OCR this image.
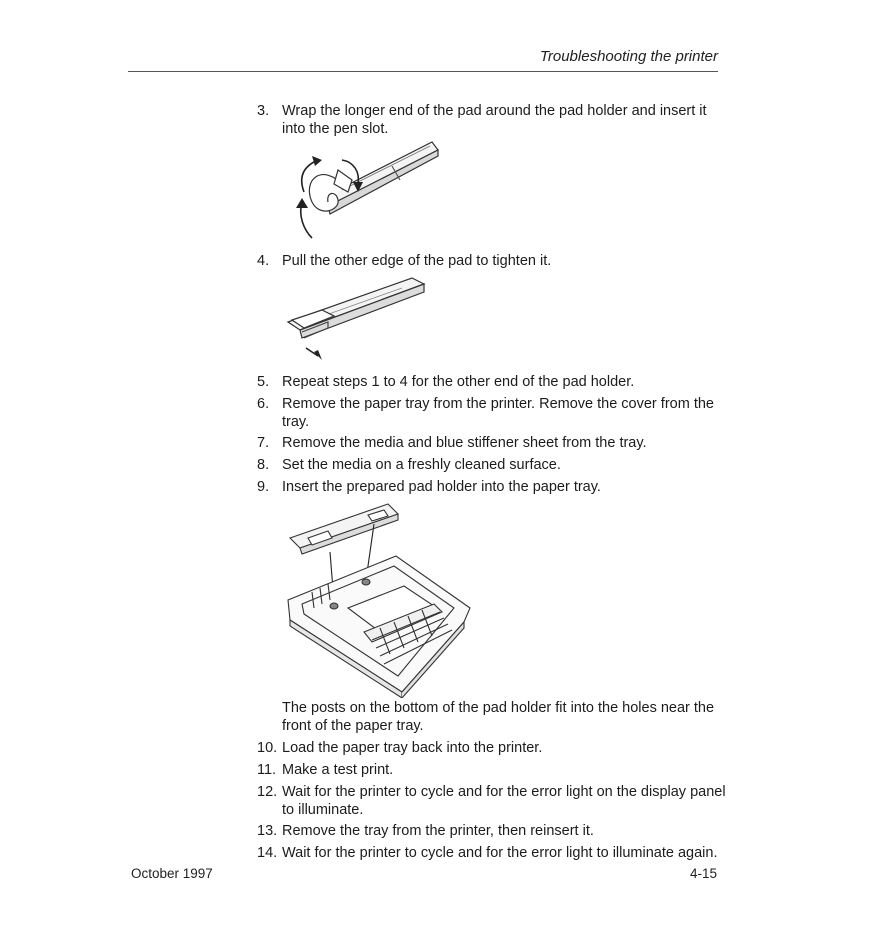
Troubleshooting the printer
3. Wrap the longer end of the pad around the pad holder and insert it into the pen slot.
4. Pull the other edge of the pad to tighten it.
5. Repeat steps 1 to 4 for the other end of the pad holder.
6. Remove the paper tray from the printer. Remove the cover from the tray.
7. Remove the media and blue stiffener sheet from the tray.
8. Set the media on a freshly cleaned surface.
9. Insert the prepared pad holder into the paper tray.
The posts on the bottom of the pad holder fit into the holes near the front of the paper tray.
10. Load the paper tray back into the printer.
11. Make a test print.
12. Wait for the printer to cycle and for the error light on the display panel to illuminate.
13. Remove the tray from the printer, then reinsert it.
14. Wait for the printer to cycle and for the error light to illuminate again.
October 1997	4-15
